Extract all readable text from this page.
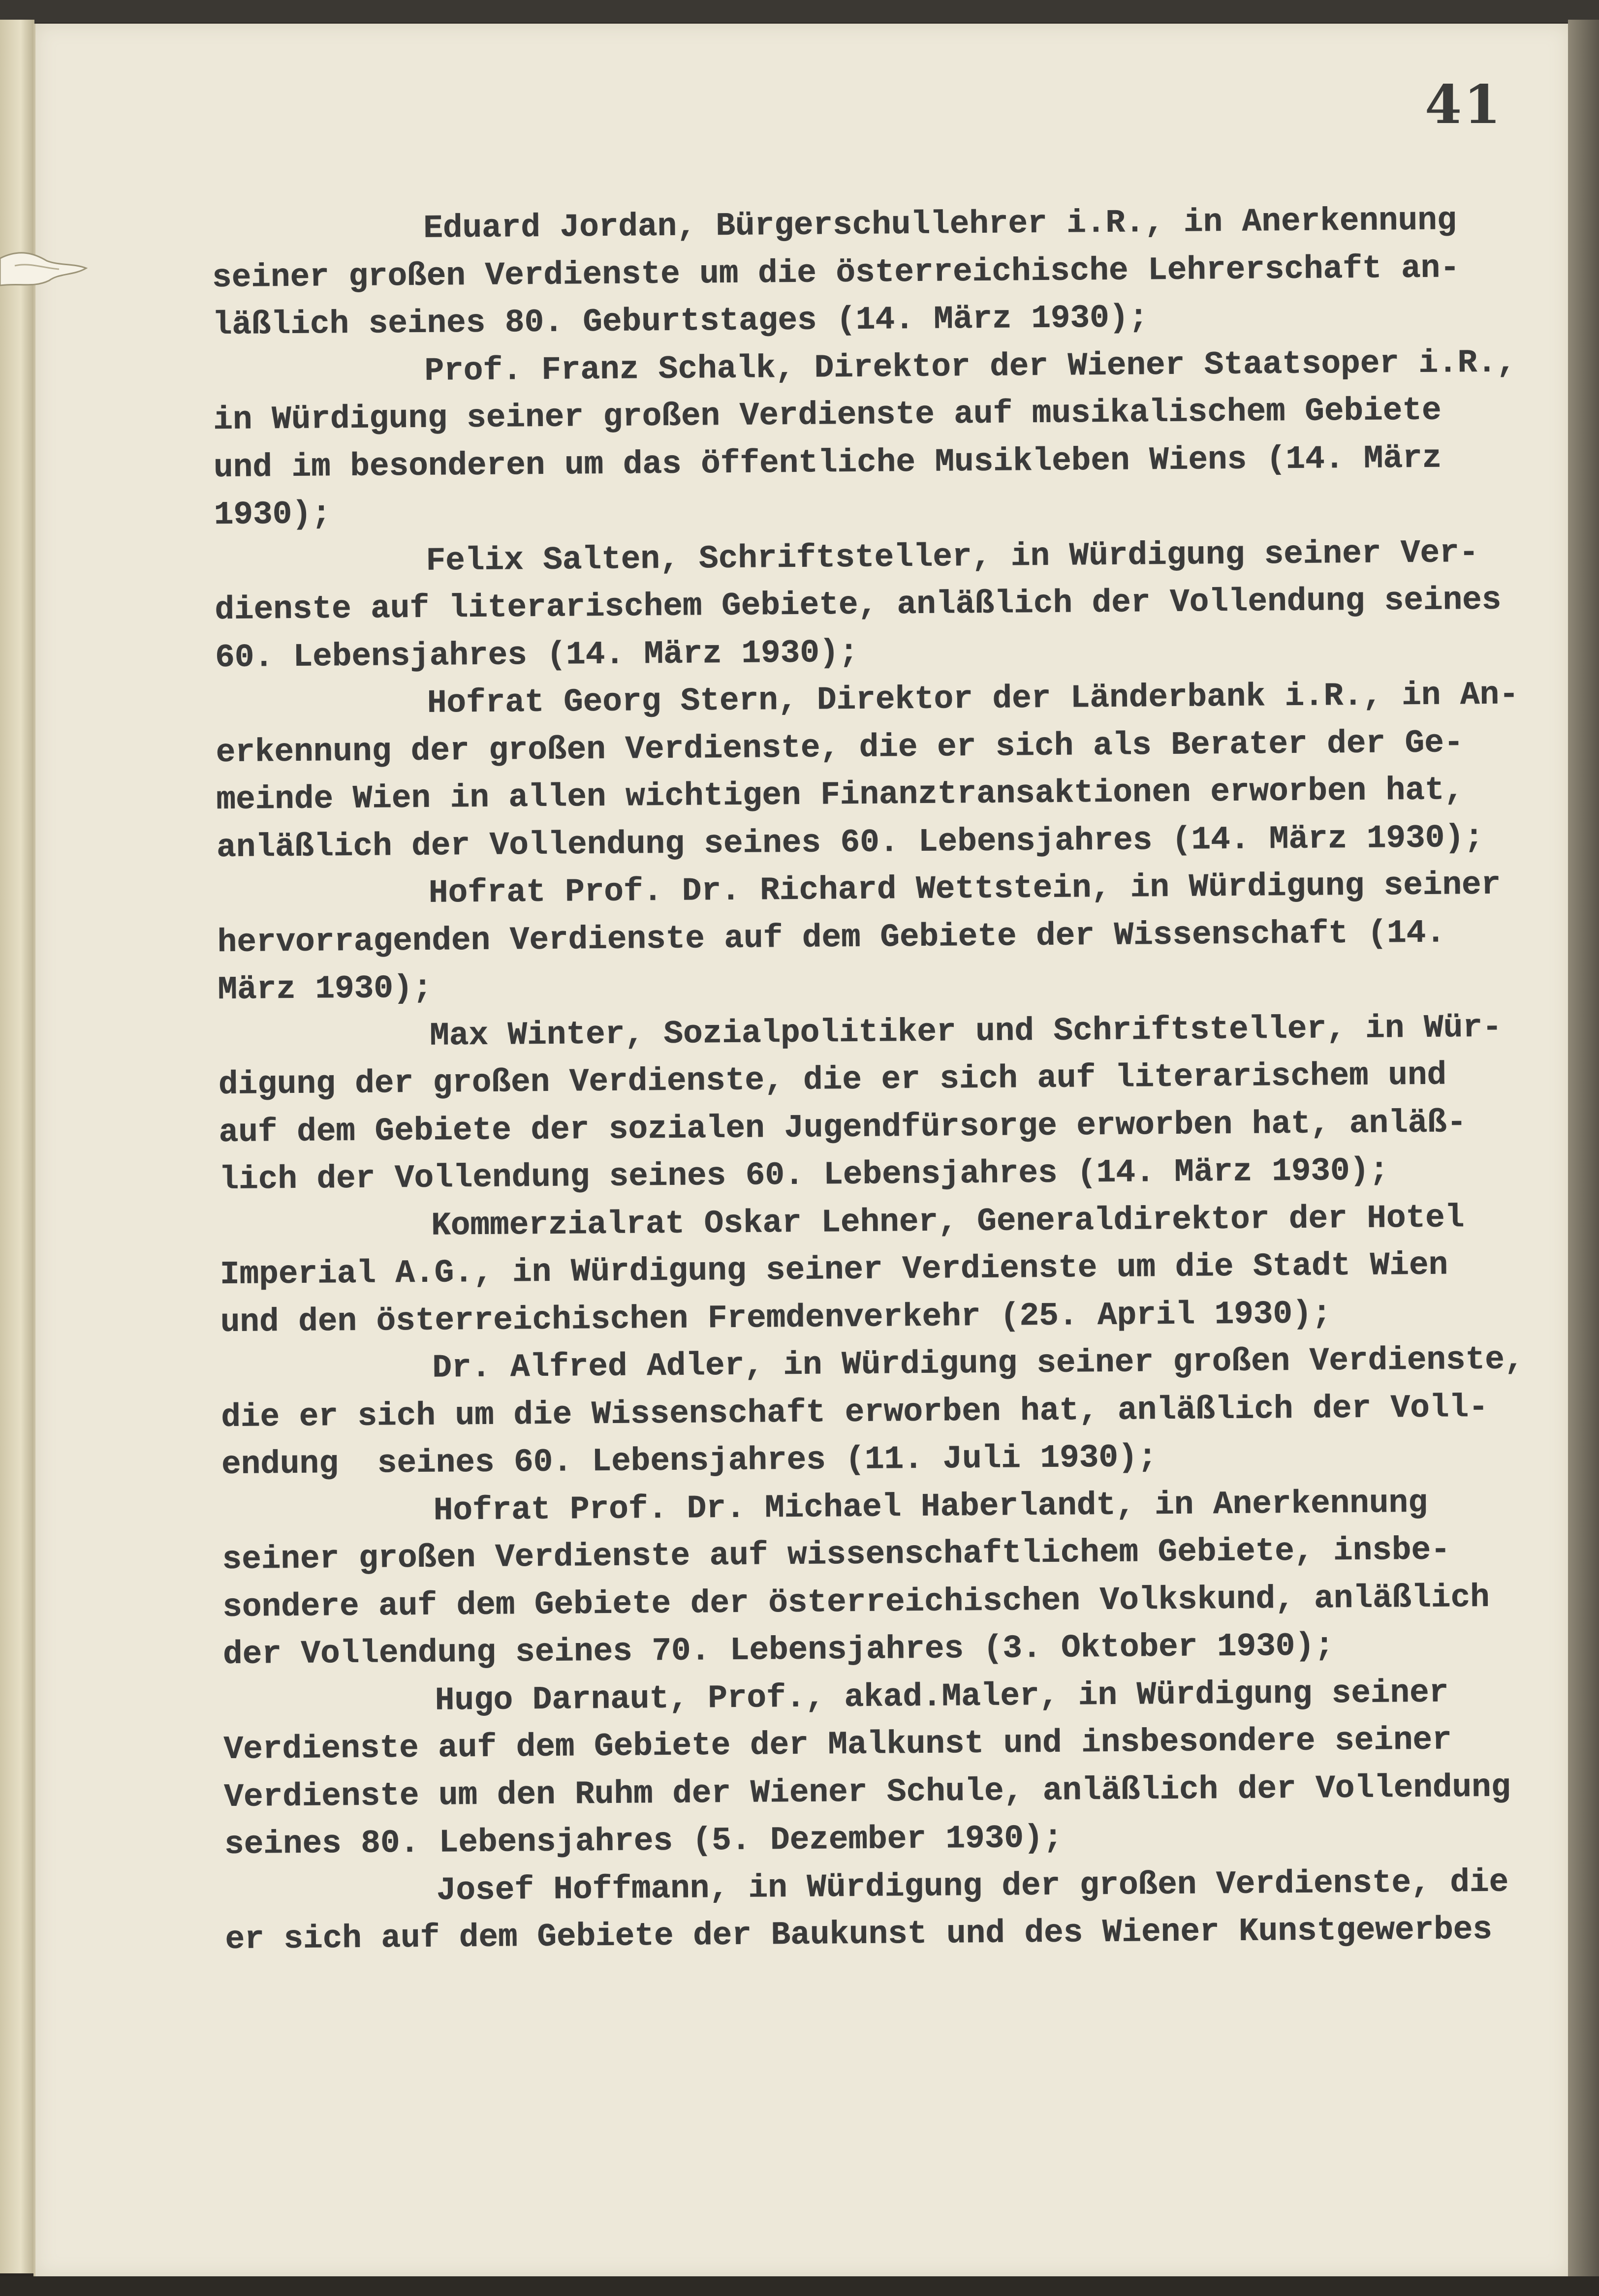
41
Eduard Jordan, Bürgerschullehrer i.R., in Anerkennung
seiner großen Verdienste um die österreichische Lehrerschaft an-
läßlich seines 80. Geburtstages (14. März 1930);
Prof. Franz Schalk, Direktor der Wiener Staatsoper i.R.,
in Würdigung seiner großen Verdienste auf musikalischem Gebiete
und im besonderen um das öffentliche Musikleben Wiens (14. März
1930);
Felix Salten, Schriftsteller, in Würdigung seiner Ver-
dienste auf literarischem Gebiete, anläßlich der Vollendung seines
60. Lebensjahres (14. März 1930);
Hofrat Georg Stern, Direktor der Länderbank i.R., in An-
erkennung der großen Verdienste, die er sich als Berater der Ge-
meinde Wien in allen wichtigen Finanztransaktionen erworben hat,
anläßlich der Vollendung seines 60. Lebensjahres (14. März 1930);
Hofrat Prof. Dr. Richard Wettstein, in Würdigung seiner
hervorragenden Verdienste auf dem Gebiete der Wissenschaft (14.
März 1930);
Max Winter, Sozialpolitiker und Schriftsteller, in Wür-
digung der großen Verdienste, die er sich auf literarischem und
auf dem Gebiete der sozialen Jugendfürsorge erworben hat, anläß-
lich der Vollendung seines 60. Lebensjahres (14. März 1930);
Kommerzialrat Oskar Lehner, Generaldirektor der Hotel
Imperial A.G., in Würdigung seiner Verdienste um die Stadt Wien
und den österreichischen Fremdenverkehr (25. April 1930);
Dr. Alfred Adler, in Würdigung seiner großen Verdienste,
die er sich um die Wissenschaft erworben hat, anläßlich der Voll-
endung  seines 60. Lebensjahres (11. Juli 1930);
Hofrat Prof. Dr. Michael Haberlandt, in Anerkennung
seiner großen Verdienste auf wissenschaftlichem Gebiete, insbe-
sondere auf dem Gebiete der österreichischen Volkskund, anläßlich
der Vollendung seines 70. Lebensjahres (3. Oktober 1930);
Hugo Darnaut, Prof., akad.Maler, in Würdigung seiner
Verdienste auf dem Gebiete der Malkunst und insbesondere seiner
Verdienste um den Ruhm der Wiener Schule, anläßlich der Vollendung
seines 80. Lebensjahres (5. Dezember 1930);
Josef Hoffmann, in Würdigung der großen Verdienste, die
er sich auf dem Gebiete der Baukunst und des Wiener Kunstgewerbes
